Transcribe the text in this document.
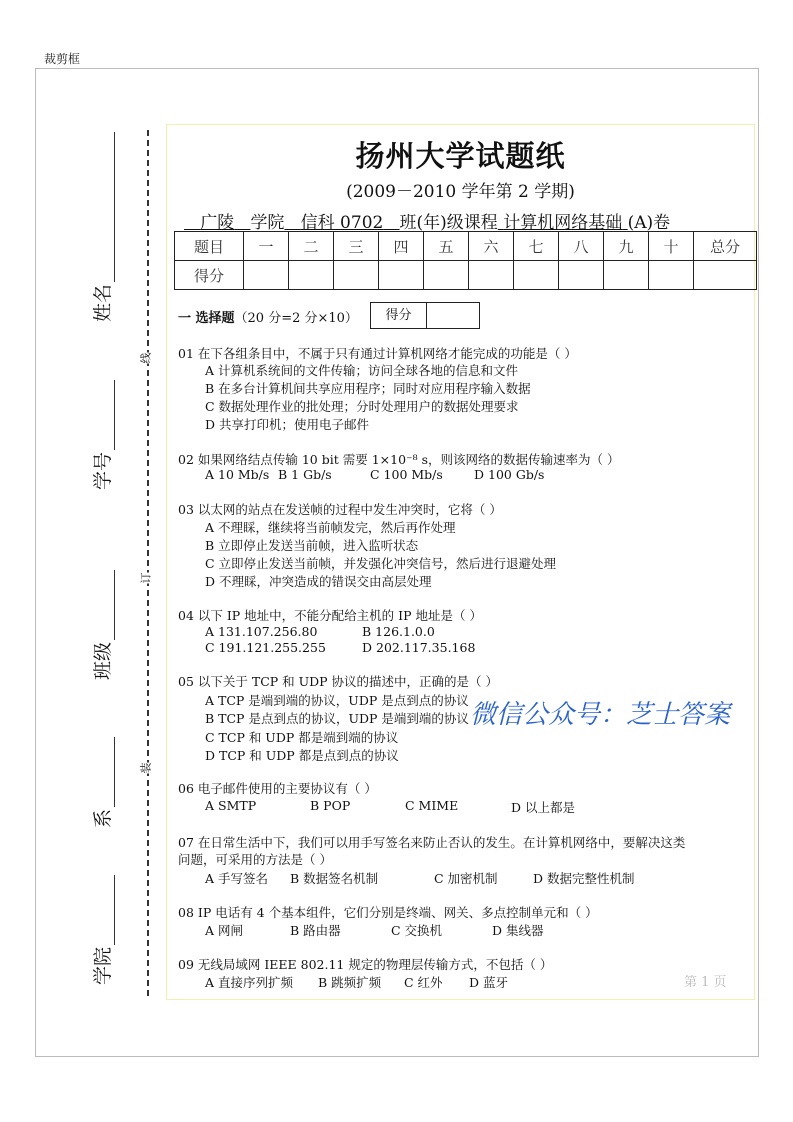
裁剪框
线
订
装
学院
系
班级
学号
姓名
扬州大学试题纸
(2009－2010 学年第 2 学期)
广陵 学院 信科 0702 班(年)级课程 计算机网络基础 (A)卷
题目	一	二	三	四	五	六	七	八	九	十	总分
得分											
一 选择题（20 分=2 分×10）	得分
01 在下各组条目中，不属于只有通过计算机网络才能完成的功能是（ ）
A 计算机系统间的文件传输；访问全球各地的信息和文件
B 在多台计算机间共享应用程序；同时对应用程序输入数据
C 数据处理作业的批处理；分时处理用户的数据处理要求
D 共享打印机；使用电子邮件
02 如果网络结点传输 10 bit 需要 1×10⁻⁸ s，则该网络的数据传输速率为（ ）
A 10 Mb/s B 1 Gb/s	C 100 Mb/s D 100 Gb/s
03 以太网的站点在发送帧的过程中发生冲突时，它将（ ）
A 不理睬，继续将当前帧发完，然后再作处理
B 立即停止发送当前帧，进入监听状态
C 立即停止发送当前帧，并发强化冲突信号，然后进行退避处理
D 不理睬，冲突造成的错误交由高层处理
04 以下 IP 地址中，不能分配给主机的 IP 地址是（ ）
A 131.107.256.80	B 126.1.0.0
C 191.121.255.255	D 202.117.35.168
05 以下关于 TCP 和 UDP 协议的描述中，正确的是（ ）
A TCP 是端到端的协议，UDP 是点到点的协议
B TCP 是点到点的协议，UDP 是端到端的协议
C TCP 和 UDP 都是端到端的协议
D TCP 和 UDP 都是点到点的协议
06 电子邮件使用的主要协议有（ ）
A SMTP	B POP	C MIME	D 以上都是
07 在日常生活中下，我们可以用手写签名来防止否认的发生。在计算机网络中，要解决这类
问题，可采用的方法是（ ）
A 手写签名 B 数据签名机制	C 加密机制	D 数据完整性机制
08 IP 电话有 4 个基本组件，它们分别是终端、网关、多点控制单元和（ ）
A 网闸	B 路由器	C 交换机	D 集线器
09 无线局域网 IEEE 802.11 规定的物理层传输方式，不包括（ ）
A 直接序列扩频 B 跳频扩频 C 红外 D 蓝牙	第 1 页
微信公众号：芝士答案
